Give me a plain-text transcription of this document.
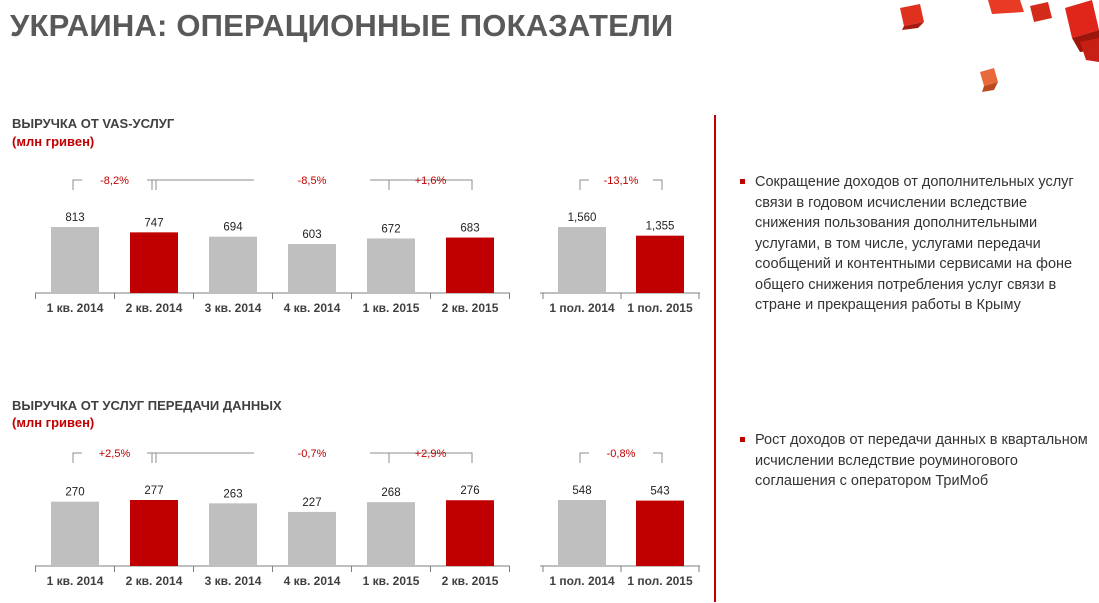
УКРАИНА: ОПЕРАЦИОННЫЕ ПОКАЗАТЕЛИ
ВЫРУЧКА ОТ VAS-УСЛУГ
(млн гривен)
ВЫРУЧКА ОТ УСЛУГ ПЕРЕДАЧИ ДАННЫХ
(млн гривен)
813
1 кв. 2014
747
2 кв. 2014
694
3 кв. 2014
603
4 кв. 2014
672
1 кв. 2015
683
2 кв. 2015
-8,2%	-8,5%	+1,6%
1,560
1 пол. 2014
1,355
1 пол. 2015
-13,1%
270
1 кв. 2014
277
2 кв. 2014
263
3 кв. 2014
227
4 кв. 2014
268
1 кв. 2015
276
2 кв. 2015
+2,5%	-0,7%	+2,9%
548
1 пол. 2014
543
1 пол. 2015
-0,8%
Сокращение доходов от дополнительных услуг связи в годовом исчислении вследствие снижения пользования дополнительными услугами, в том числе, услугами передачи сообщений и контентными сервисами на фоне общего снижения потребления услуг связи в стране и прекращения работы в Крыму
Рост доходов от передачи данных в квартальном исчислении вследствие роуминогового соглашения с оператором ТриМоб
